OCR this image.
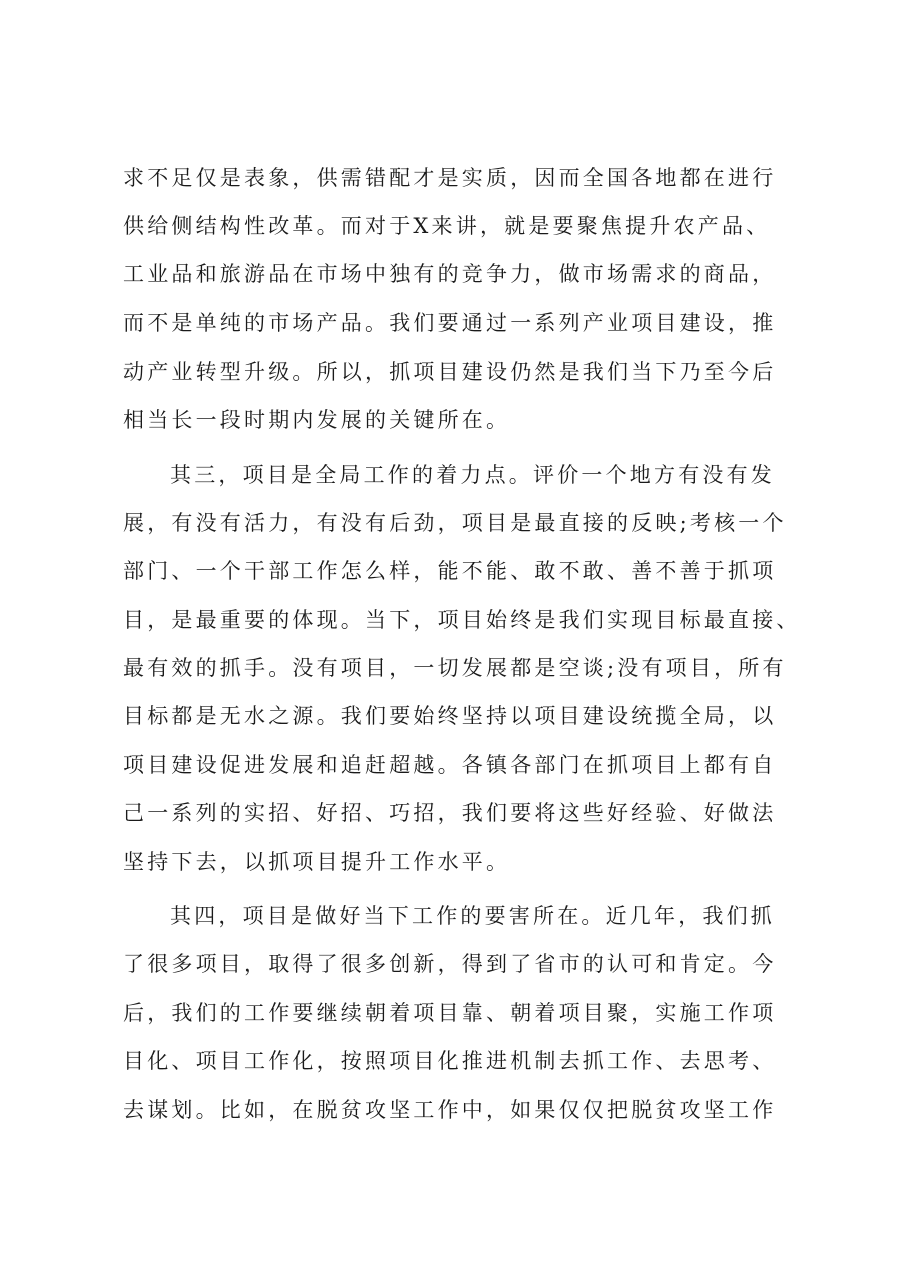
求不足仅是表象，供需错配才是实质，因而全国各地都在进行
供给侧结构性改革。而对于X来讲，就是要聚焦提升农产品、
工业品和旅游品在市场中独有的竞争力，做市场需求的商品，
而不是单纯的市场产品。我们要通过一系列产业项目建设，推
动产业转型升级。所以，抓项目建设仍然是我们当下乃至今后
相当长一段时期内发展的关键所在。
其三，项目是全局工作的着力点。评价一个地方有没有发
展，有没有活力，有没有后劲，项目是最直接的反映;考核一个
部门、一个干部工作怎么样，能不能、敢不敢、善不善于抓项
目，是最重要的体现。当下，项目始终是我们实现目标最直接、
最有效的抓手。没有项目，一切发展都是空谈;没有项目，所有
目标都是无水之源。我们要始终坚持以项目建设统揽全局，以
项目建设促进发展和追赶超越。各镇各部门在抓项目上都有自
己一系列的实招、好招、巧招，我们要将这些好经验、好做法
坚持下去，以抓项目提升工作水平。
其四，项目是做好当下工作的要害所在。近几年，我们抓
了很多项目，取得了很多创新，得到了省市的认可和肯定。今
后，我们的工作要继续朝着项目靠、朝着项目聚，实施工作项
目化、项目工作化，按照项目化推进机制去抓工作、去思考、
去谋划。比如，在脱贫攻坚工作中，如果仅仅把脱贫攻坚工作
